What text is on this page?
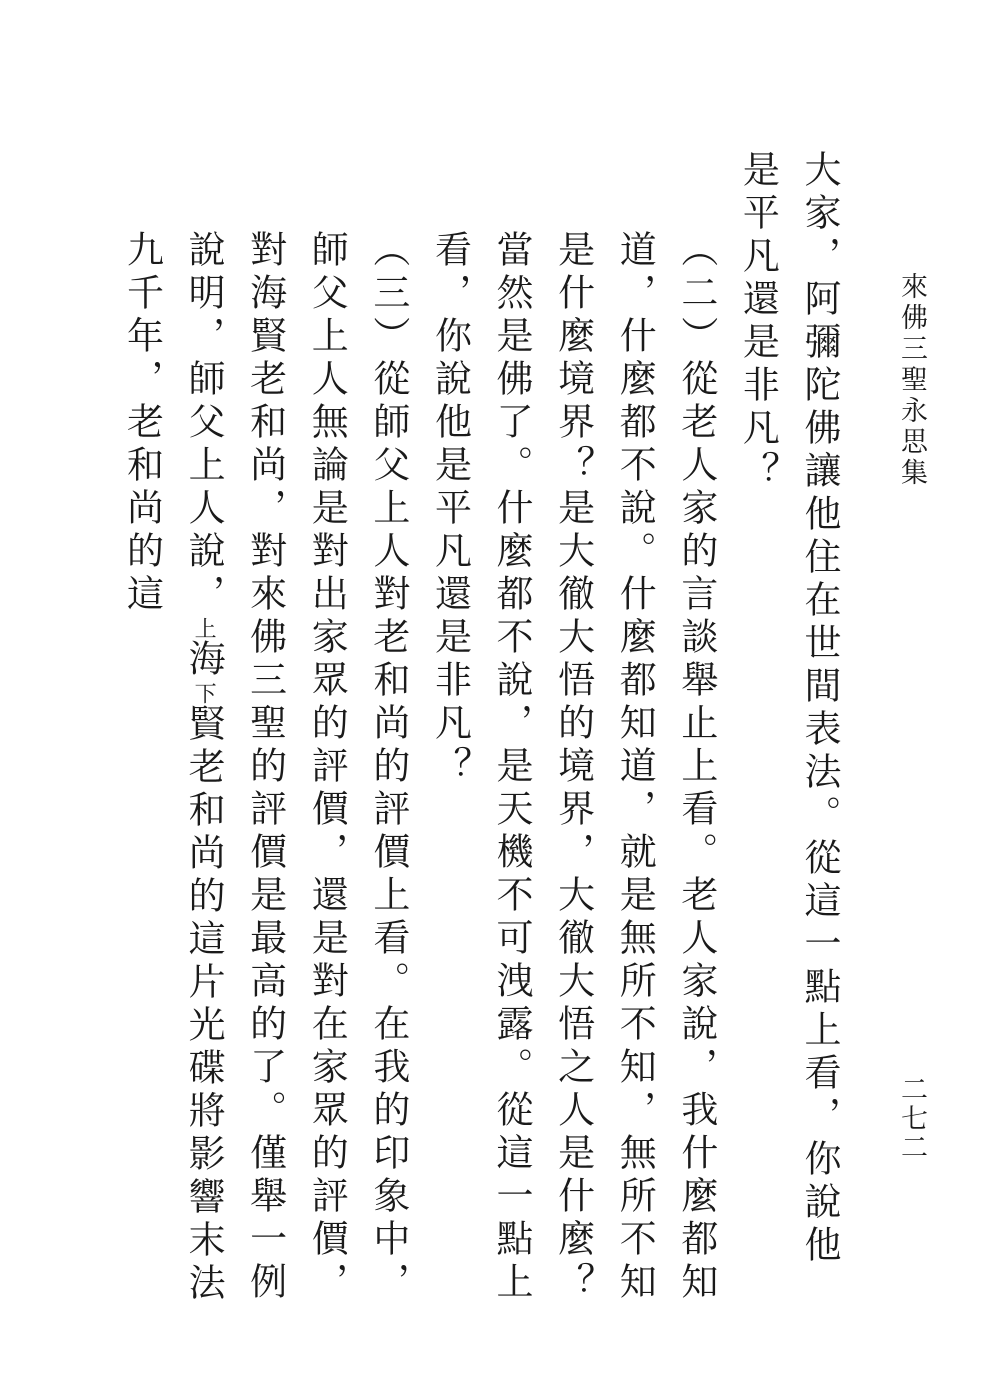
來佛三聖永思集
二七二

大家，阿彌陀佛讓他住在世間表法。從這一點上看，你說他是平凡還是非凡？

（二）從老人家的言談舉止上看。老人家說，我什麼都知道，什麼都不說。什麼都知道，就是無所不知，無所不知是什麼境界？是大徹大悟的境界，大徹大悟之人是什麼？當然是佛了。什麼都不說，是天機不可洩露。從這一點上看，你說他是平凡還是非凡？

（三）從師父上人對老和尚的評價上看。在我的印象中，師父上人無論是對出家眾的評價，還是對在家眾的評價，對海賢老和尚，對來佛三聖的評價是最高的了。僅舉一例說明，師父上人說，上海下賢老和尚的這片光碟將影響末法九千年，老和尚的這
